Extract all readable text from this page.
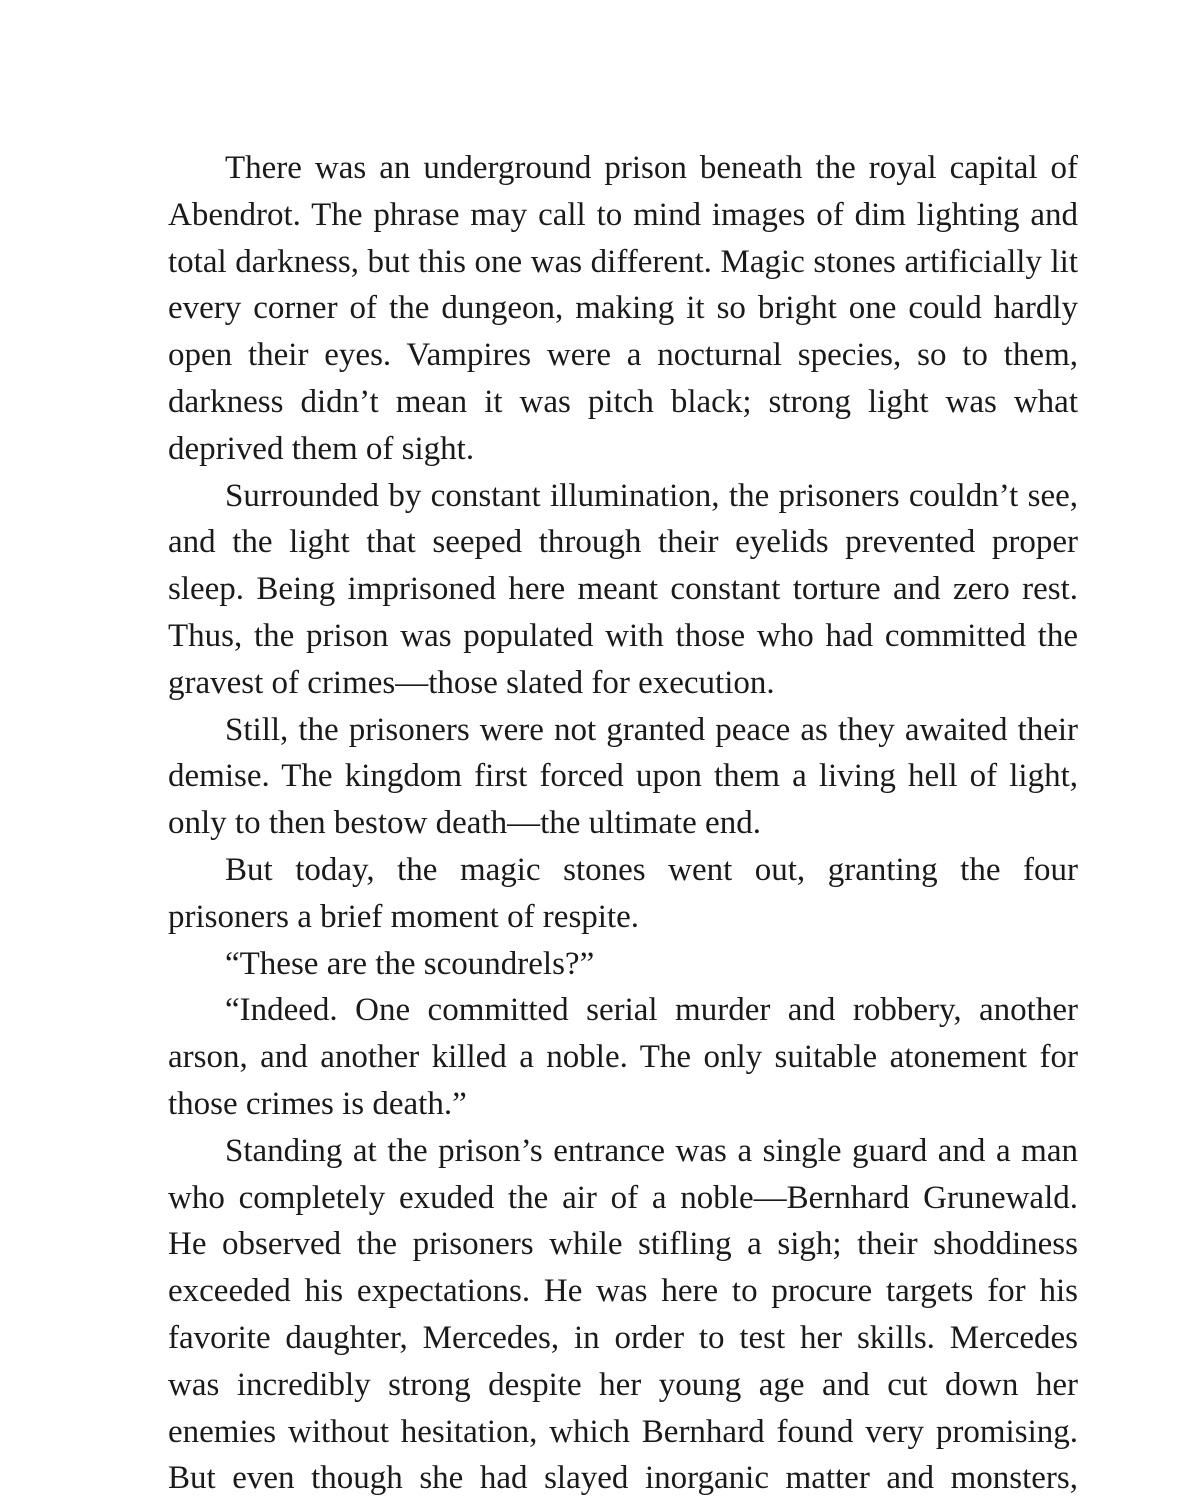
There was an underground prison beneath the royal capital of Abendrot. The phrase may call to mind images of dim lighting and total darkness, but this one was different. Magic stones artificially lit every corner of the dungeon, making it so bright one could hardly open their eyes. Vampires were a nocturnal species, so to them, darkness didn’t mean it was pitch black; strong light was what deprived them of sight.

Surrounded by constant illumination, the prisoners couldn’t see, and the light that seeped through their eyelids prevented proper sleep. Being imprisoned here meant constant torture and zero rest. Thus, the prison was populated with those who had committed the gravest of crimes—those slated for execution.

Still, the prisoners were not granted peace as they awaited their demise. The kingdom first forced upon them a living hell of light, only to then bestow death—the ultimate end.

But today, the magic stones went out, granting the four prisoners a brief moment of respite.

“These are the scoundrels?”

“Indeed. One committed serial murder and robbery, another arson, and another killed a noble. The only suitable atonement for those crimes is death.”

Standing at the prison’s entrance was a single guard and a man who completely exuded the air of a noble—Bernhard Grunewald. He observed the prisoners while stifling a sigh; their shoddiness exceeded his expectations. He was here to procure targets for his favorite daughter, Mercedes, in order to test her skills. Mercedes was incredibly strong despite her young age and cut down her enemies without hesitation, which Bernhard found very promising. But even though she had slayed inorganic matter and monsters,
